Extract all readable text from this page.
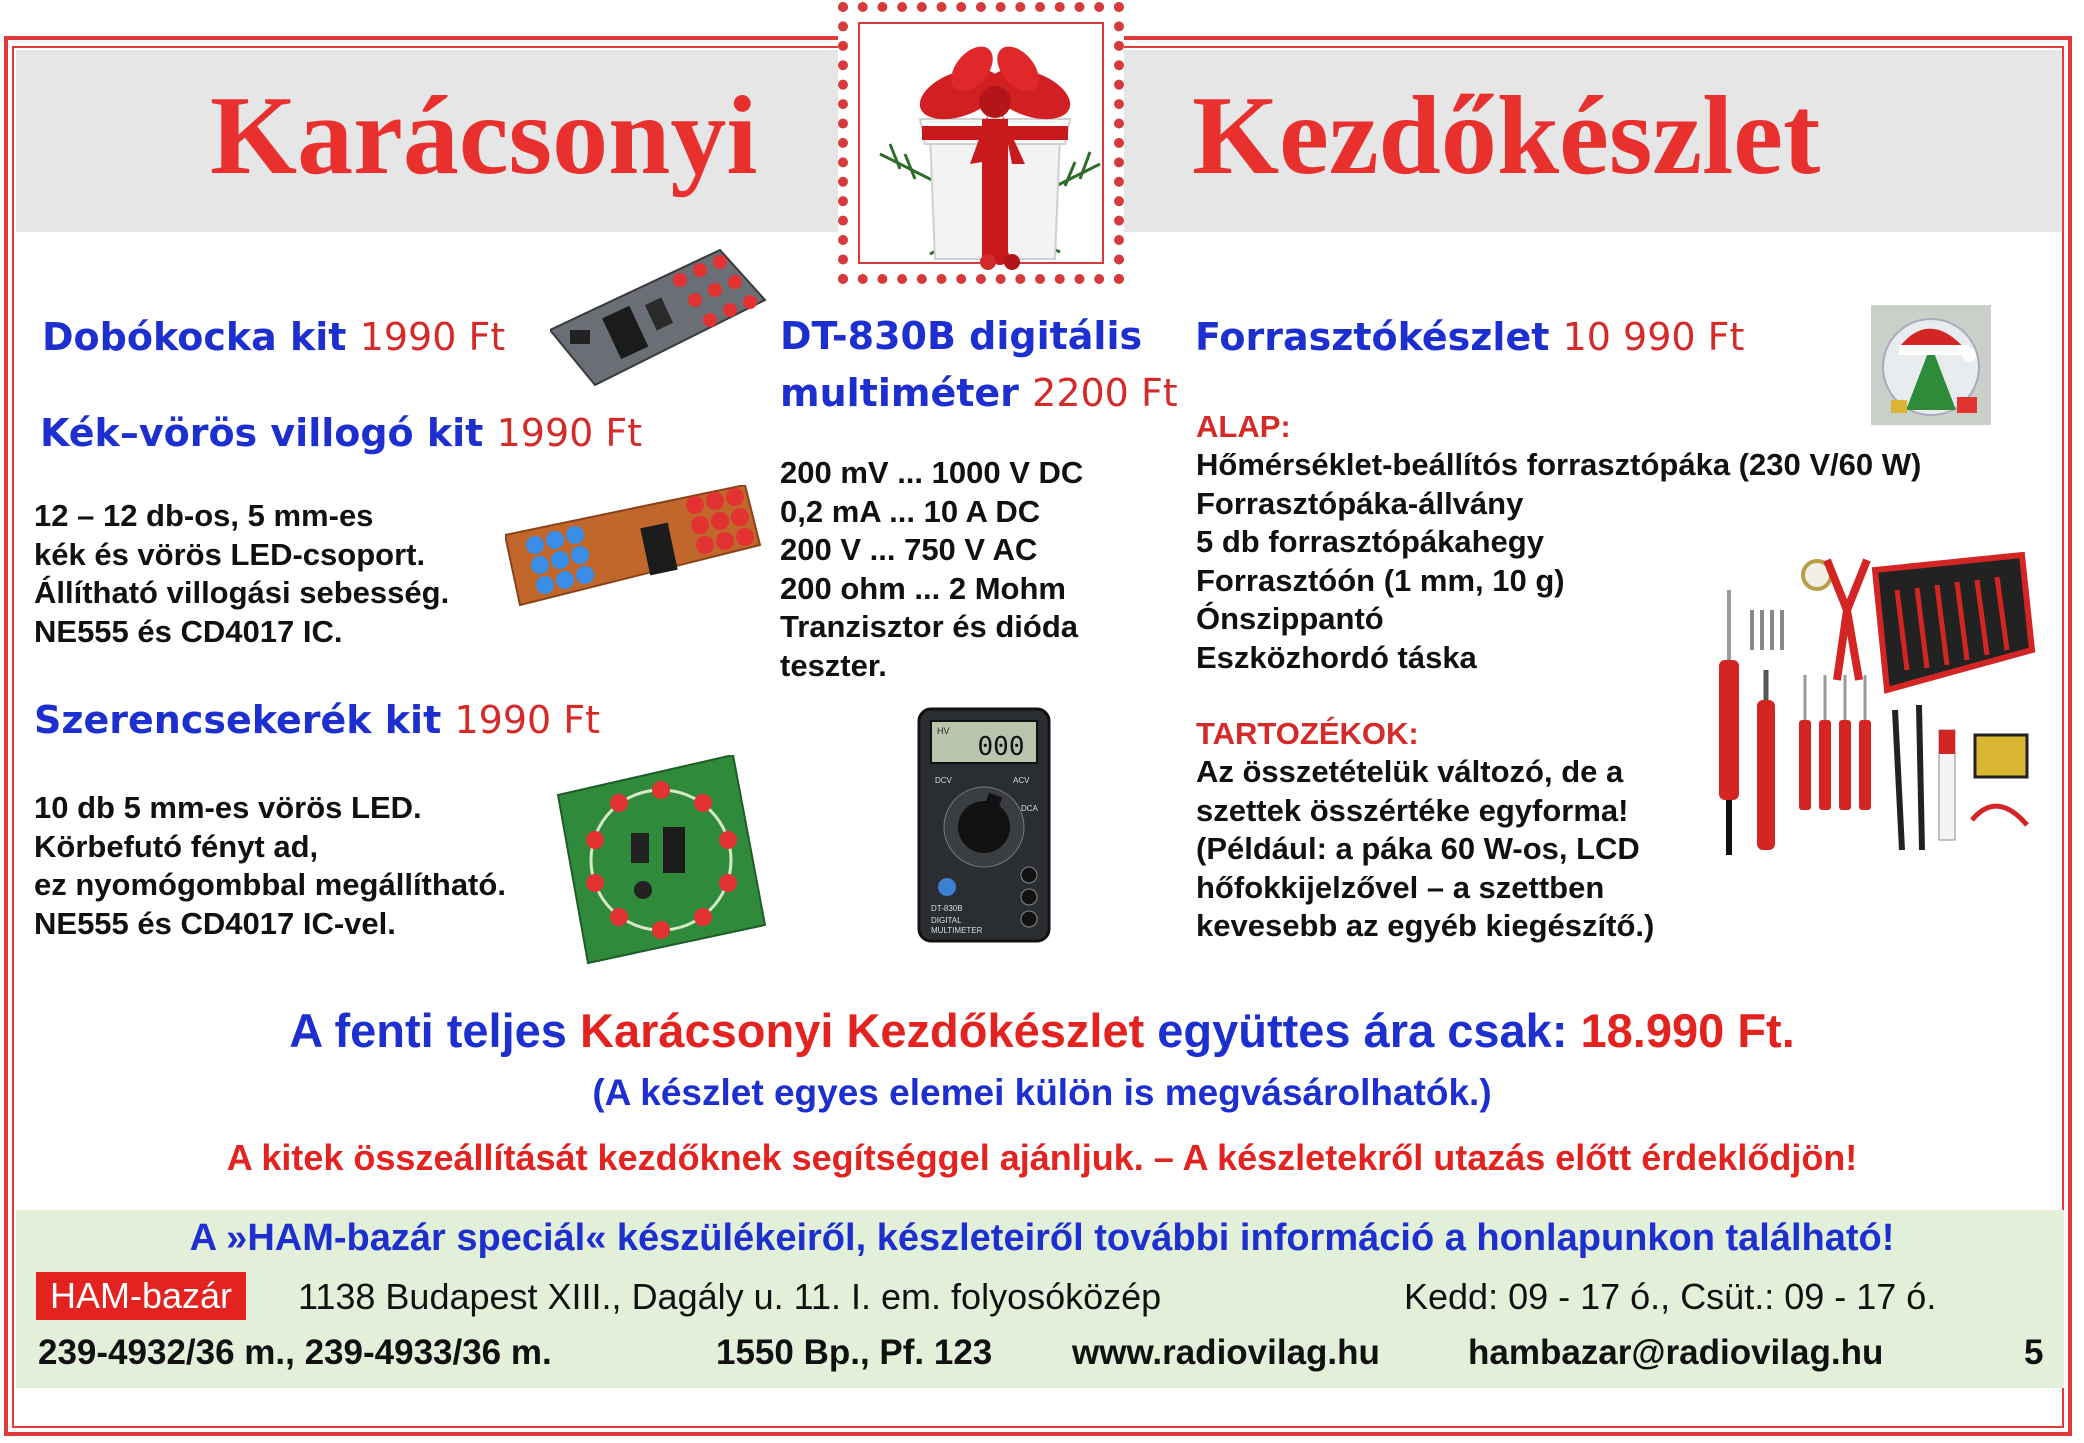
Karácsonyi	Kezdőkészlet

Dobókocka kit 1990 Ft

Kék–vörös villogó kit 1990 Ft

12 – 12 db-os, 5 mm-es
kék és vörös LED-csoport.
Állítható villogási sebesség.
NE555 és CD4017 IC.

Szerencsekerék kit 1990 Ft

10 db 5 mm-es vörös LED.
Körbefutó fényt ad,
ez nyomógombbal megállítható.
NE555 és CD4017 IC-vel.

DT-830B digitális
multiméter 2200 Ft

200 mV ... 1000 V DC
0,2 mA ... 10 A DC
200 V ... 750 V AC
200 ohm ... 2 Mohm
Tranzisztor és dióda
teszter.
HV
000
DCV	ACV
DCA
DT-830B
DIGITAL
MULTIMETER

Forrasztókészlet 10 990 Ft

ALAP:

Hőmérséklet-beállítós forrasztópáka (230 V/60 W)
Forrasztópáka-állvány
5 db forrasztópákahegy
Forrasztóón (1 mm, 10 g)
Ónszippantó
Eszközhordó táska

TARTOZÉKOK:

Az összetételük változó, de a
szettek összértéke egyforma!
(Például: a páka 60 W-os, LCD
hőfokkijelzővel – a szettben
kevesebb az egyéb kiegészítő.)

A fenti teljes Karácsonyi Kezdőkészlet együttes ára csak: 18.990 Ft.

(A készlet egyes elemei külön is megvásárolhatók.)

A kitek összeállítását kezdőknek segítséggel ajánljuk. – A készletekről utazás előtt érdeklődjön!

A »HAM-bazár speciál« készülékeiről, készleteiről további információ a honlapunkon található!

HAM-bazár	1138 Budapest XIII., Dagály u. 11. I. em. folyosóközép	Kedd: 09 - 17 ó., Csüt.: 09 - 17 ó.

239-4932/36 m., 239-4933/36 m.	1550 Bp., Pf. 123 www.radiovilag.hu	hambazar@radiovilag.hu	5
